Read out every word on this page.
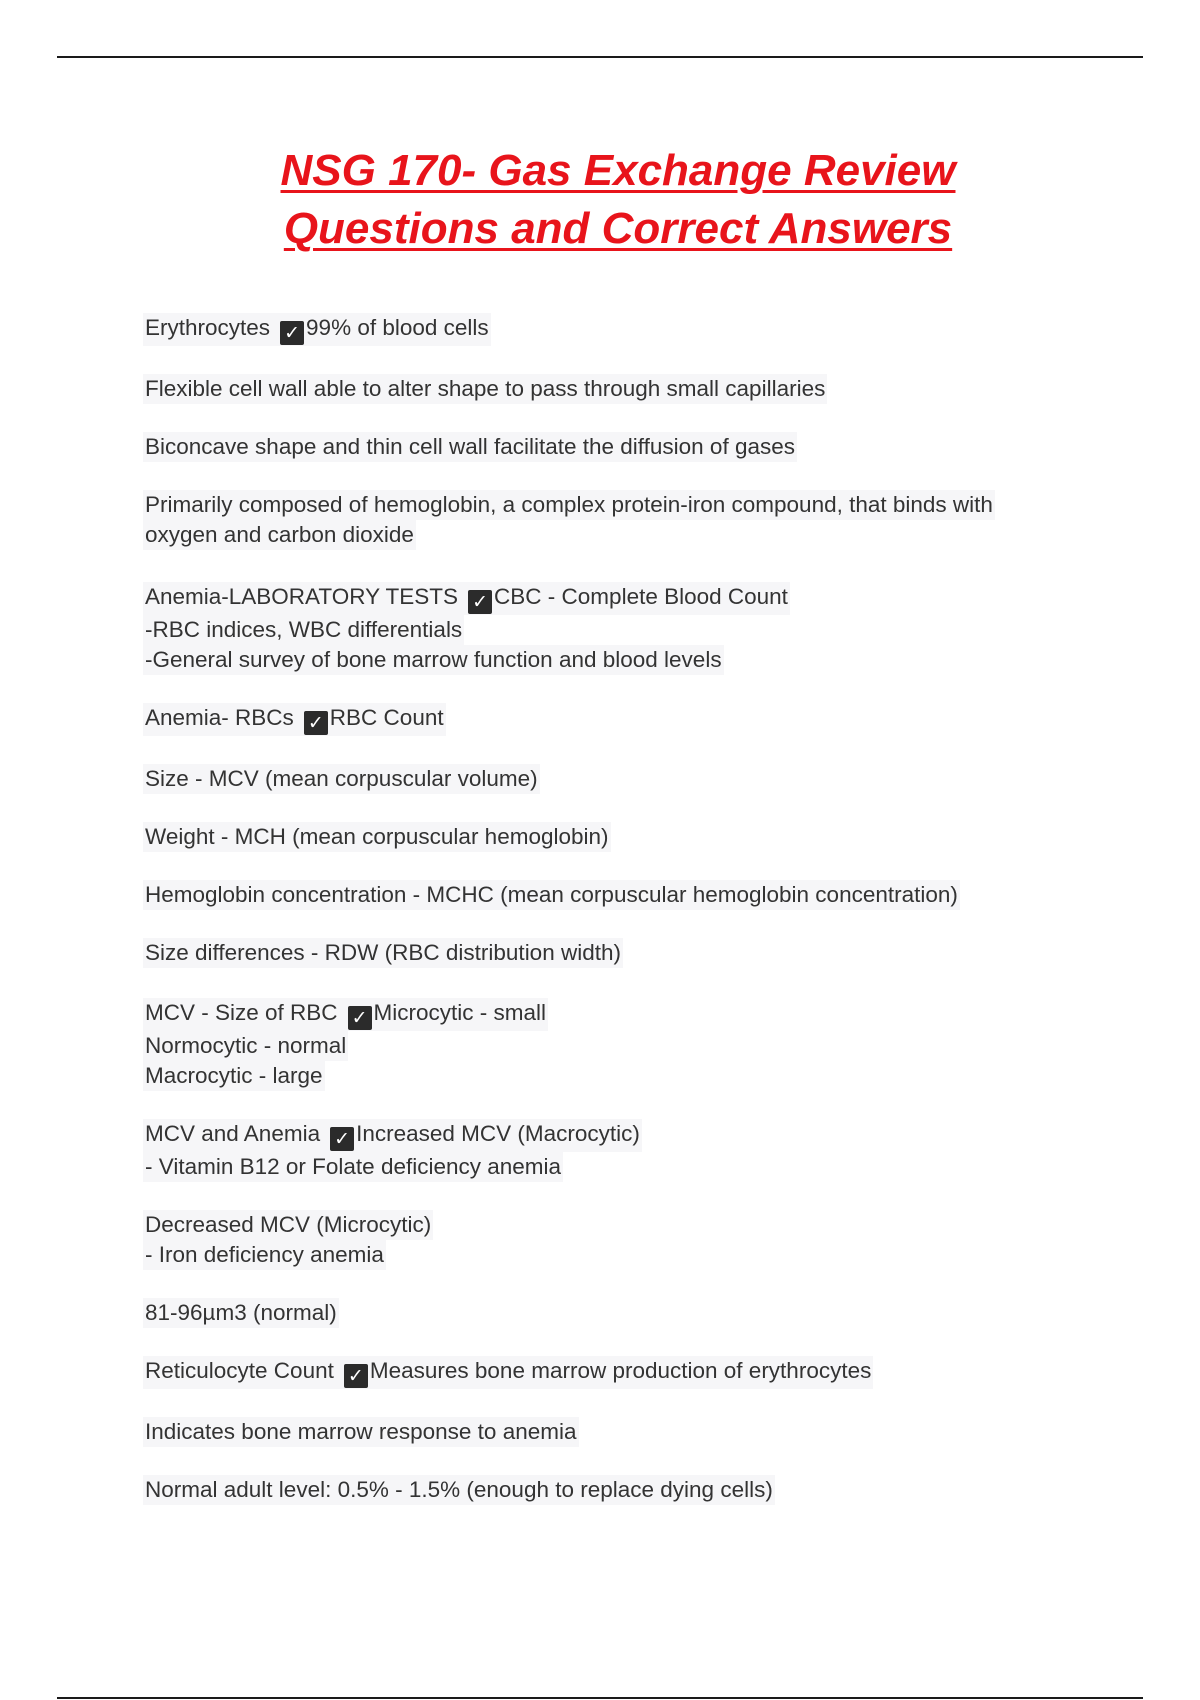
NSG 170- Gas Exchange Review
Questions and Correct Answers
Erythrocytes ✓ 99% of blood cells
Flexible cell wall able to alter shape to pass through small capillaries
Biconcave shape and thin cell wall facilitate the diffusion of gases
Primarily composed of hemoglobin, a complex protein-iron compound, that binds with
oxygen and carbon dioxide
Anemia-LABORATORY TESTS ✓ CBC - Complete Blood Count
-RBC indices, WBC differentials
-General survey of bone marrow function and blood levels
Anemia- RBCs ✓ RBC Count
Size - MCV (mean corpuscular volume)
Weight - MCH (mean corpuscular hemoglobin)
Hemoglobin concentration - MCHC (mean corpuscular hemoglobin concentration)
Size differences - RDW (RBC distribution width)
MCV - Size of RBC ✓ Microcytic - small
Normocytic - normal
Macrocytic - large
MCV and Anemia ✓ Increased MCV (Macrocytic)
- Vitamin B12 or Folate deficiency anemia
Decreased MCV (Microcytic)
- Iron deficiency anemia
81-96µm3 (normal)
Reticulocyte Count ✓ Measures bone marrow production of erythrocytes
Indicates bone marrow response to anemia
Normal adult level: 0.5% - 1.5% (enough to replace dying cells)
